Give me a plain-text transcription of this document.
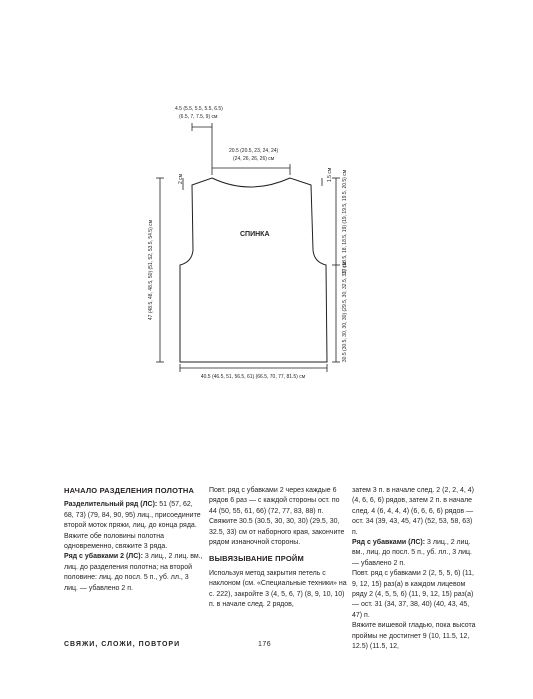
СПИНКА
4.5 (5.5, 5.5, 5.5, 6.5)
(6.5, 7, 7.5, 9) см
20.5 (20.5, 23, 24, 24)
(24, 26, 26, 26) см
2 см	1.5 см 17 (18.5, 18, 18.5, 19) (19, 19.5, 19.5, 20.5) см
30.5 (30.5, 30, 30, 30) (29.5, 30, 32.5, 33) см
47 (48.5, 48, 48.5, 50) (51, 52, 53.5, 54.5) см
40.5 (46.5, 51, 56.5, 61) (66.5, 70, 77, 81.5) см

НАЧАЛО РАЗДЕЛЕНИЯ ПОЛОТНА

Разделительный ряд (ЛС): 51 (57, 62, 68, 73) (79, 84, 90, 95) лиц., присоедините второй моток пряжи, лиц. до конца ряда.

Вяжите обе половины полотна одновременно, свяжите 3 ряда.

Ряд с убавками 2 (ЛС): 3 лиц., 2 лиц. вм., лиц. до разделения полотна; на второй половине: лиц. до посл. 5 п., уб. лл., 3 лиц. — убавлено 2 п.

Повт. ряд с убавками 2 через каждые 6 рядов 6 раз — с каждой стороны ост. по 44 (50, 55, 61, 66) (72, 77, 83, 88) п.

Свяжите 30.5 (30.5, 30, 30, 30) (29.5, 30, 32.5, 33) см от наборного края, закончите рядом изнаночной стороны.

ВЫВЯЗЫВАНИЕ ПРОЙМ

Используя метод закрытия петель с наклоном (см. «Специальные техники» на с. 222), закройте 3 (4, 5, 6, 7) (8, 9, 10, 10) п. в начале след. 2 рядов,

затем 3 п. в начале след. 2 (2, 2, 4, 4) (4, 6, 6, 6) рядов, затем 2 п. в начале след. 4 (6, 4, 4, 4) (6, 6, 6, 6) рядов — ост. 34 (39, 43, 45, 47) (52, 53, 58, 63) п.

Ряд с убавками (ЛС): 3 лиц., 2 лиц. вм., лиц. до посл. 5 п., уб. лл., 3 лиц. — убавлено 2 п.

Повт. ряд с убавками 2 (2, 5, 5, 6) (11, 9, 12, 15) раз(а) в каждом лицевом ряду 2 (4, 5, 5, 6) (11, 9, 12, 15) раз(а) — ост. 31 (34, 37, 38, 40) (40, 43, 45, 47) п.

Вяжите вишевой гладью, пока высота проймы не достигнет 9 (10, 11.5, 12, 12.5) (11.5, 12,

СВЯЖИ, СЛОЖИ, ПОВТОРИ	176
